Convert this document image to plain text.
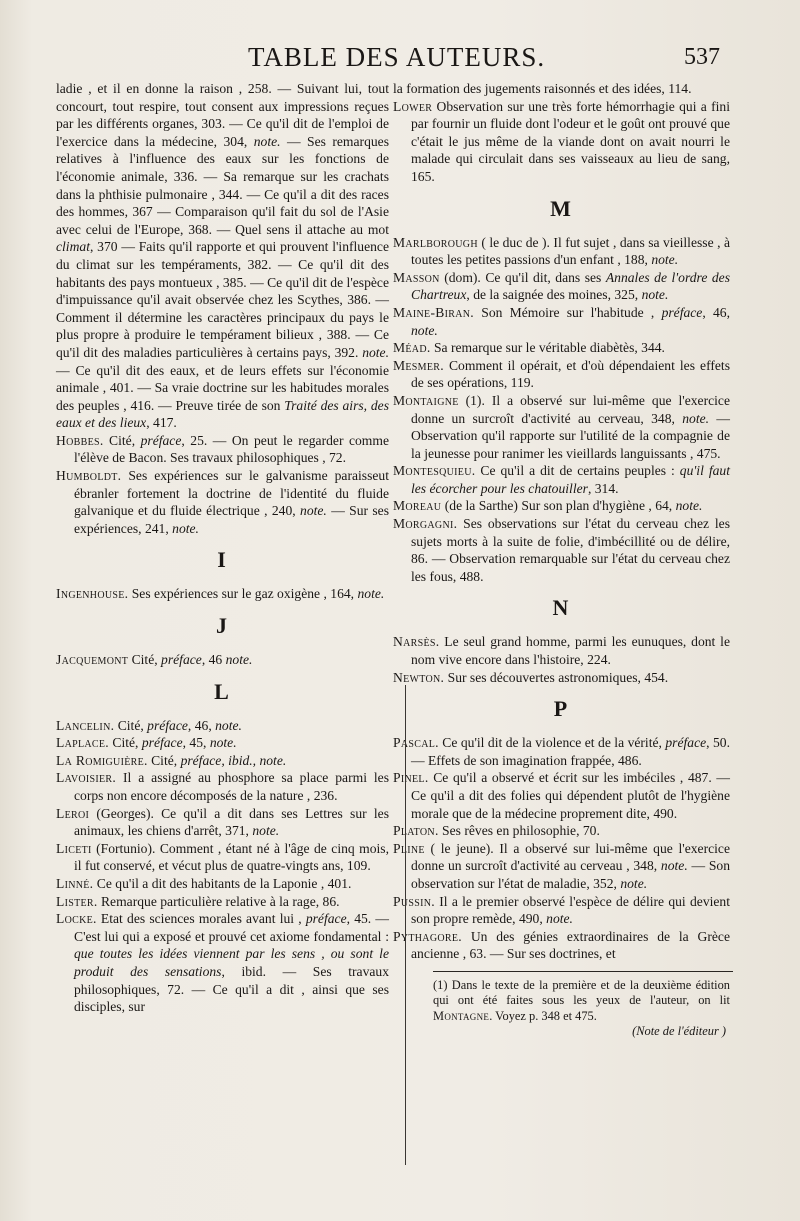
TABLE DES AUTEURS.	537

ladie , et il en donne la raison , 258. — Suivant lui, tout concourt, tout respire, tout consent aux impressions reçues par les différents organes, 303. — Ce qu'il dit de l'emploi de l'exercice dans la médecine, 304, note. — Ses remarques relatives à l'influence des eaux sur les fonctions de l'économie animale, 336. — Sa remarque sur les crachats dans la phthisie pulmonaire , 344. — Ce qu'il a dit des races des hommes, 367 — Comparaison qu'il fait du sol de l'Asie avec celui de l'Europe, 368. — Quel sens il attache au mot climat, 370 — Faits qu'il rapporte et qui prouvent l'influence du climat sur les tempéraments, 382. — Ce qu'il dit des habitants des pays montueux , 385. — Ce qu'il dit de l'espèce d'impuissance qu'il avait observée chez les Scythes, 386. — Comment il détermine les caractères principaux du pays le plus propre à produire le tempérament bilieux , 388. — Ce qu'il dit des maladies particulières à certains pays, 392. note. — Ce qu'il dit des eaux, et de leurs effets sur l'économie animale , 401. — Sa vraie doctrine sur les habitudes morales des peuples , 416. — Preuve tirée de son Traité des airs, des eaux et des lieux, 417.

Hobbes. Cité, préface, 25. — On peut le regarder comme l'élève de Bacon. Ses travaux philosophiques , 72.

Humboldt. Ses expériences sur le galvanisme paraisseut ébranler fortement la doctrine de l'identité du fluide galvanique et du fluide électrique , 240, note. — Sur ses expériences, 241, note.

I

Ingenhouse. Ses expériences sur le gaz oxigène , 164, note.

J

Jacquemont Cité, préface, 46 note.

L

Lancelin. Cité, préface, 46, note.

Laplace. Cité, préface, 45, note.

La Romiguière. Cité, préface, ibid., note.

Lavoisier. Il a assigné au phosphore sa place parmi les corps non encore décomposés de la nature , 236.

Leroi (Georges). Ce qu'il a dit dans ses Lettres sur les animaux, les chiens d'arrêt, 371, note.

Liceti (Fortunio). Comment , étant né à l'âge de cinq mois, il fut conservé, et vécut plus de quatre-vingts ans, 109.

Linné. Ce qu'il a dit des habitants de la Laponie , 401.

Lister. Remarque particulière relative à la rage, 86.

Locke. Etat des sciences morales avant lui , préface, 45. — C'est lui qui a exposé et prouvé cet axiome fondamental : que toutes les idées viennent par les sens , ou sont le produit des sensations, ibid. — Ses travaux philosophiques, 72. — Ce qu'il a dit , ainsi que ses disciples, sur

la formation des jugements raisonnés et des idées, 114.

Lower Observation sur une très forte hémorrhagie qui a fini par fournir un fluide dont l'odeur et le goût ont prouvé que c'était le jus même de la viande dont on avait nourri le malade qui circulait dans ses vaisseaux au lieu de sang, 165.

M

Marlborough ( le duc de ). Il fut sujet , dans sa vieillesse , à toutes les petites passions d'un enfant , 188, note.

Masson (dom). Ce qu'il dit, dans ses Annales de l'ordre des Chartreux, de la saignée des moines, 325, note.

Maine-Biran. Son Mémoire sur l'habitude , préface, 46, note.

Méad. Sa remarque sur le véritable diabètès, 344.

Mesmer. Comment il opérait, et d'où dépendaient les effets de ses opérations, 119.

Montaigne (1). Il a observé sur lui-même que l'exercice donne un surcroît d'activité au cerveau, 348, note. — Observation qu'il rapporte sur l'utilité de la compagnie de la jeunesse pour ranimer les vieillards languissants , 475.

Montesquieu. Ce qu'il a dit de certains peuples : qu'il faut les écorcher pour les chatouiller, 314.

Moreau (de la Sarthe) Sur son plan d'hygiène , 64, note.

Morgagni. Ses observations sur l'état du cerveau chez les sujets morts à la suite de folie, d'imbécillité ou de délire, 86. — Observation remarquable sur l'état du cerveau chez les fous, 488.

N

Narsès. Le seul grand homme, parmi les eunuques, dont le nom vive encore dans l'histoire, 224.

Newton. Sur ses découvertes astronomiques, 454.

P

Pascal. Ce qu'il dit de la violence et de la vérité, préface, 50. — Effets de son imagination frappée, 486.

Pinel. Ce qu'il a observé et écrit sur les imbéciles , 487. — Ce qu'il a dit des folies qui dépendent plutôt de l'hygiène morale que de la médecine proprement dite, 490.

Platon. Ses rêves en philosophie, 70.

Pline ( le jeune). Il a observé sur lui-même que l'exercice donne un surcroît d'activité au cerveau , 348, note. — Son observation sur l'état de maladie, 352, note.

Pussin. Il a le premier observé l'espèce de délire qui devient son propre remède, 490, note.

Pythagore. Un des génies extraordinaires de la Grèce ancienne , 63. — Sur ses doctrines, et

(1) Dans le texte de la première et de la deuxième édition qui ont été faites sous les yeux de l'auteur, on lit Montagne. Voyez p. 348 et 475.
(Note de l'éditeur )
